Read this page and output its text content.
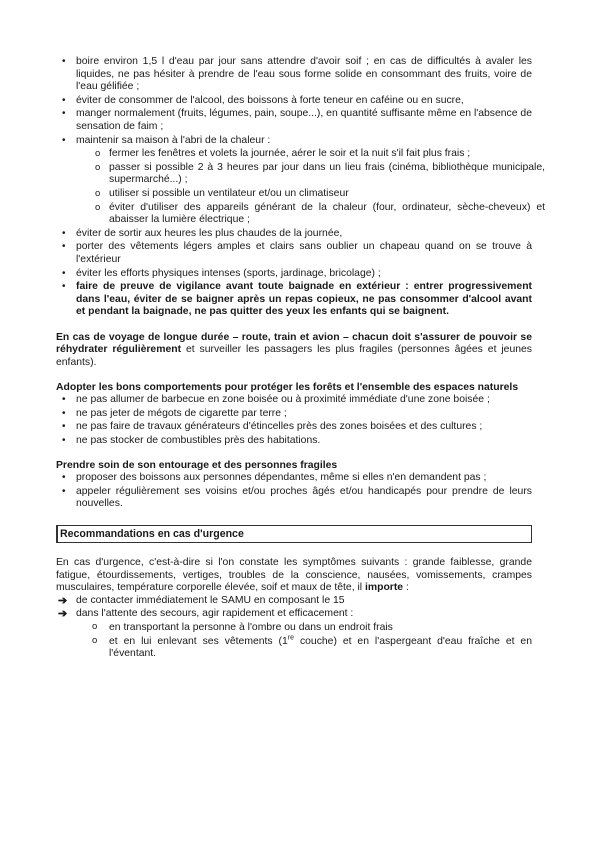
• boire environ 1,5 l d'eau par jour sans attendre d'avoir soif ; en cas de difficultés à avaler les liquides, ne pas hésiter à prendre de l'eau sous forme solide en consommant des fruits, voire de l'eau gélifiée ;
• éviter de consommer de l'alcool, des boissons à forte teneur en caféine ou en sucre,
• manger normalement (fruits, légumes, pain, soupe...), en quantité suffisante même en l'absence de sensation de faim ;
• maintenir sa maison à l'abri de la chaleur :
o fermer les fenêtres et volets la journée, aérer le soir et la nuit s'il fait plus frais ;
o passer si possible 2 à 3 heures par jour dans un lieu frais (cinéma, bibliothèque municipale, supermarché...) ;
o utiliser si possible un ventilateur et/ou un climatiseur
o éviter d'utiliser des appareils générant de la chaleur (four, ordinateur, sèche-cheveux) et abaisser la lumière électrique ;
• éviter de sortir aux heures les plus chaudes de la journée,
• porter des vêtements légers amples et clairs sans oublier un chapeau quand on se trouve à l'extérieur
• éviter les efforts physiques intenses (sports, jardinage, bricolage) ;
• faire de preuve de vigilance avant toute baignade en extérieur : entrer progressivement dans l'eau, éviter de se baigner après un repas copieux, ne pas consommer d'alcool avant et pendant la baignade, ne pas quitter des yeux les enfants qui se baignent.

En cas de voyage de longue durée – route, train et avion – chacun doit s'assurer de pouvoir se réhydrater régulièrement et surveiller les passagers les plus fragiles (personnes âgées et jeunes enfants).

Adopter les bons comportements pour protéger les forêts et l'ensemble des espaces naturels

• ne pas allumer de barbecue en zone boisée ou à proximité immédiate d'une zone boisée ;
• ne pas jeter de mégots de cigarette par terre ;
• ne pas faire de travaux générateurs d'étincelles près des zones boisées et des cultures ;
• ne pas stocker de combustibles près des habitations.

Prendre soin de son entourage et des personnes fragiles

• proposer des boissons aux personnes dépendantes, même si elles n'en demandent pas ;
• appeler régulièrement ses voisins et/ou proches âgés et/ou handicapés pour prendre de leurs nouvelles.
Recommandations en cas d'urgence

En cas d'urgence, c'est-à-dire si l'on constate les symptômes suivants : grande faiblesse, grande fatigue, étourdissements, vertiges, troubles de la conscience, nausées, vomissements, crampes musculaires, température corporelle élevée, soif et maux de tête, il importe :

➔ de contacter immédiatement le SAMU en composant le 15
➔ dans l'attente des secours, agir rapidement et efficacement :
o en transportant la personne à l'ombre ou dans un endroit frais
o et en lui enlevant ses vêtements (1re couche) et en l'aspergeant d'eau fraîche et en l'éventant.
